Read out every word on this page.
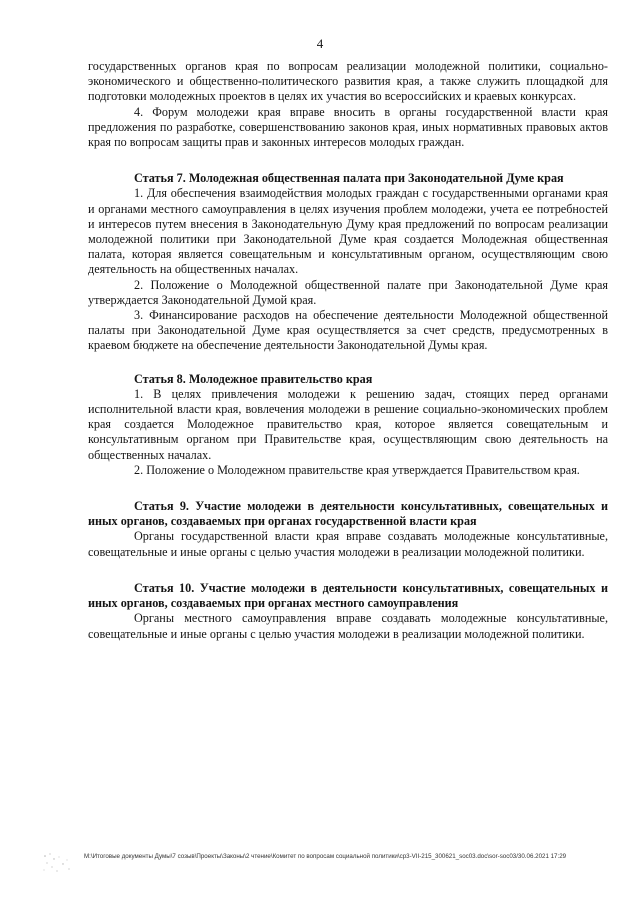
4

государственных органов края по вопросам реализации молодежной политики, социально-экономического и общественно-политического развития края, а также служить площадкой для подготовки молодежных проектов в целях их участия во всероссийских и краевых конкурсах.

4. Форум молодежи края вправе вносить в органы государственной власти края предложения по разработке, совершенствованию законов края, иных нормативных правовых актов края по вопросам защиты прав и законных интересов молодых граждан.

Статья 7. Молодежная общественная палата при Законодательной Думе края

1. Для обеспечения взаимодействия молодых граждан с государственными органами края и органами местного самоуправления в целях изучения проблем молодежи, учета ее потребностей и интересов путем внесения в Законодательную Думу края предложений по вопросам реализации молодежной политики при Законодательной Думе края создается Молодежная общественная палата, которая является совещательным и консультативным органом, осуществляющим свою деятельность на общественных началах.

2. Положение о Молодежной общественной палате при Законодательной Думе края утверждается Законодательной Думой края.

3. Финансирование расходов на обеспечение деятельности Молодежной общественной палаты при Законодательной Думе края осуществляется за счет средств, предусмотренных в краевом бюджете на обеспечение деятельности Законодательной Думы края.

Статья 8. Молодежное правительство края

1. В целях привлечения молодежи к решению задач, стоящих перед органами исполнительной власти края, вовлечения молодежи в решение социально-экономических проблем края создается Молодежное правительство края, которое является совещательным и консультативным органом при Правительстве края, осуществляющим свою деятельность на общественных началах.

2. Положение о Молодежном правительстве края утверждается Правительством края.

Статья 9. Участие молодежи в деятельности консультативных, совещательных и иных органов, создаваемых при органах государственной власти края

Органы государственной власти края вправе создавать молодежные консультативные, совещательные и иные органы с целью участия молодежи в реализации молодежной политики.

Статья 10. Участие молодежи в деятельности консультативных, совещательных и иных органов, создаваемых при органах местного самоуправления

Органы местного самоуправления вправе создавать молодежные консультативные, совещательные и иные органы с целью участия молодежи в реализации молодежной политики.

М:\Итоговые документы Думы\7 созыв\Проекты\Законы\2 чтение\Комитет по вопросам социальной политики\ср3-VII-215_300621_soc03.doc\sor-soc03/30.06.2021 17:29
